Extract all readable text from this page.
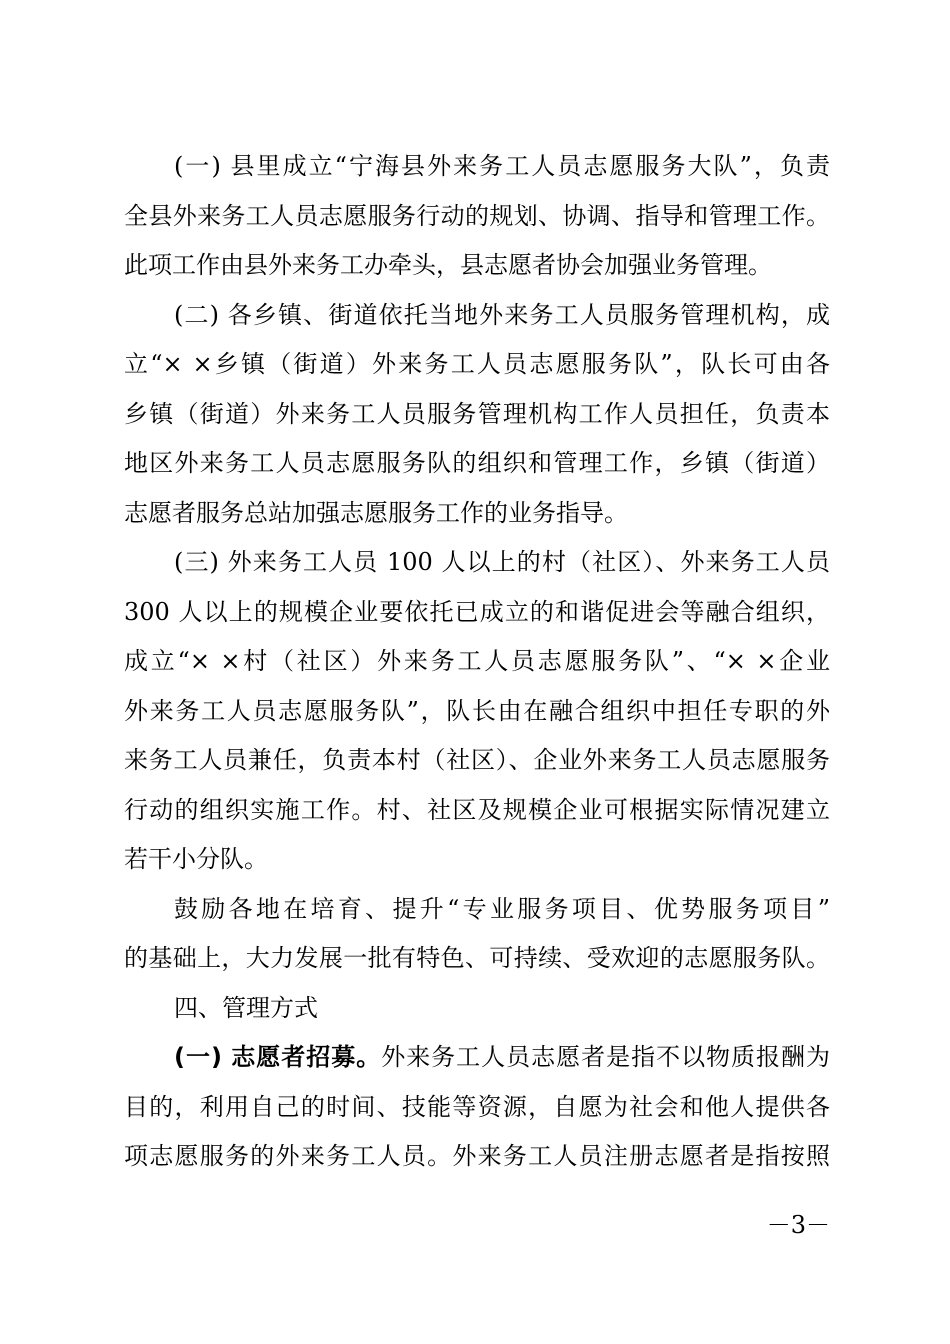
(一) 县里成立“宁海县外来务工人员志愿服务大队”，负责
全县外来务工人员志愿服务行动的规划、协调、指导和管理工作。
此项工作由县外来务工办牵头，县志愿者协会加强业务管理。
(二) 各乡镇、街道依托当地外来务工人员服务管理机构，成
立“× ×乡镇（街道）外来务工人员志愿服务队”，队长可由各
乡镇（街道）外来务工人员服务管理机构工作人员担任，负责本
地区外来务工人员志愿服务队的组织和管理工作，乡镇（街道）
志愿者服务总站加强志愿服务工作的业务指导。
(三) 外来务工人员 100 人以上的村（社区）、外来务工人员
300 人以上的规模企业要依托已成立的和谐促进会等融合组织，
成立“× ×村（社区）外来务工人员志愿服务队”、“× ×企业
外来务工人员志愿服务队”，队长由在融合组织中担任专职的外
来务工人员兼任，负责本村（社区）、企业外来务工人员志愿服务
行动的组织实施工作。村、社区及规模企业可根据实际情况建立
若干小分队。
鼓励各地在培育、提升“专业服务项目、优势服务项目”
的基础上，大力发展一批有特色、可持续、受欢迎的志愿服务队。
四、管理方式
(一) 志愿者招募。外来务工人员志愿者是指不以物质报酬为
目的，利用自己的时间、技能等资源，自愿为社会和他人提供各
项志愿服务的外来务工人员。外来务工人员注册志愿者是指按照
－3－
